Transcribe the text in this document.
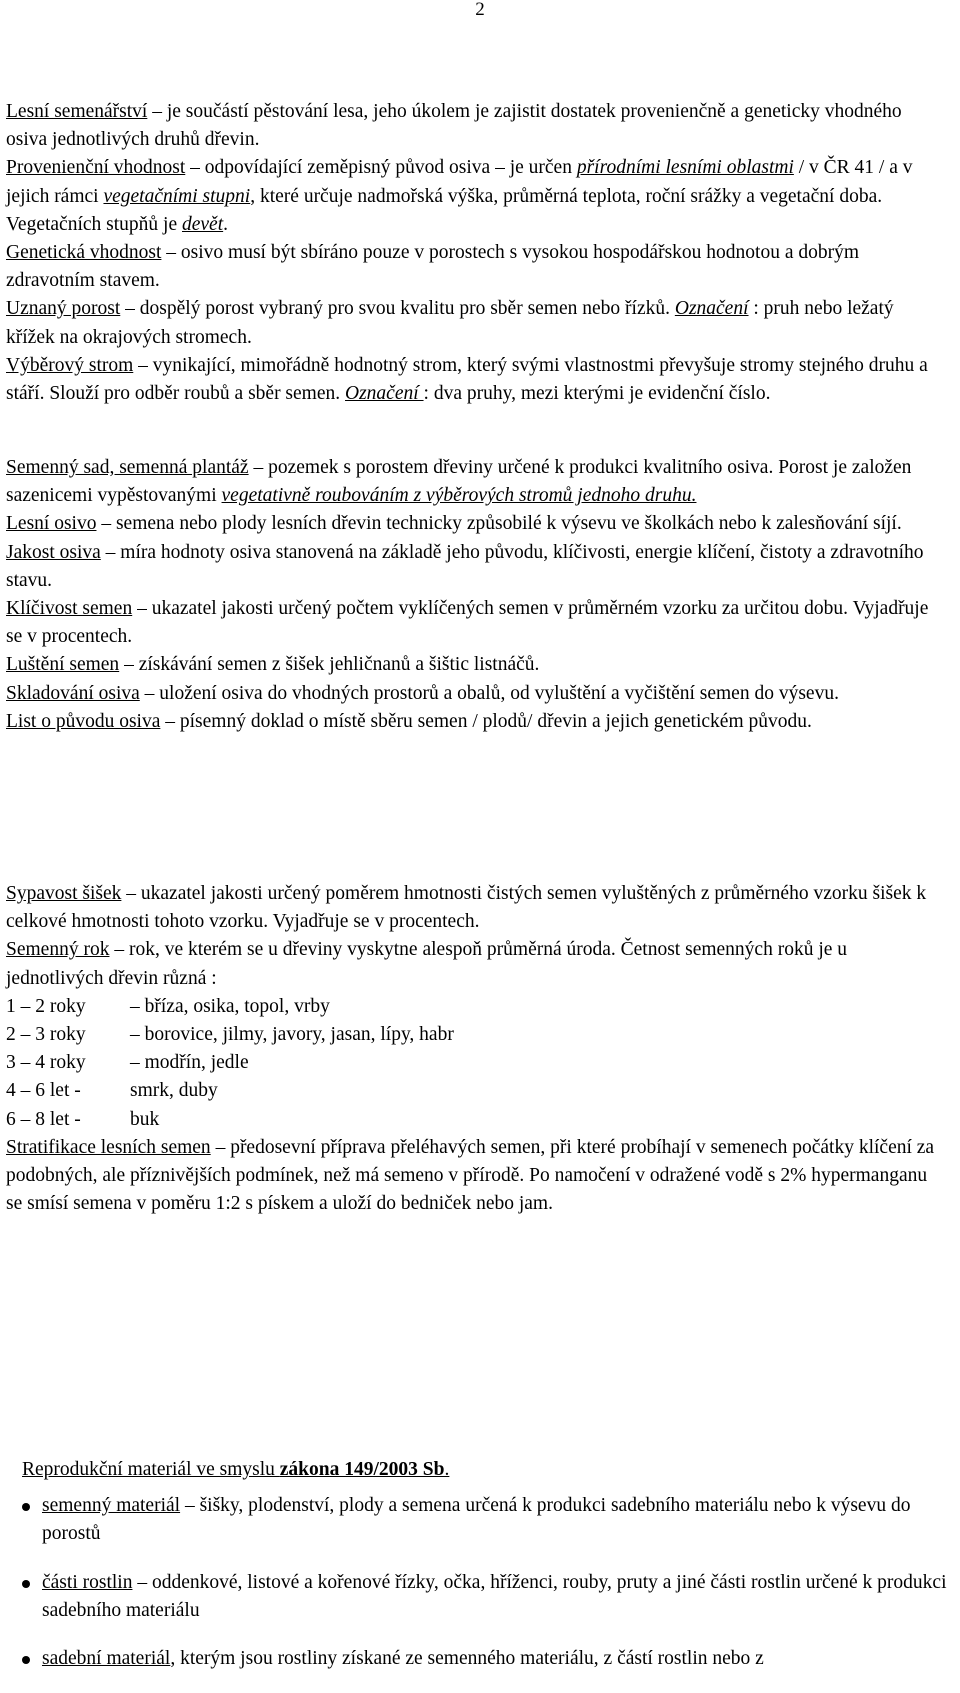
2

Lesní semenářství – je součástí pěstování lesa, jeho úkolem je zajistit dostatek provenienčně a geneticky vhodného osiva jednotlivých druhů dřevin.

Provenienční vhodnost – odpovídající zeměpisný původ osiva – je určen přírodními lesními oblastmi / v ČR 41 / a v jejich rámci vegetačními stupni, které určuje nadmořská výška, průměrná teplota, roční srážky a vegetační doba. Vegetačních stupňů je devět.

Genetická vhodnost – osivo musí být sbíráno pouze v porostech s vysokou hospodářskou hodnotou a dobrým zdravotním stavem.

Uznaný porost – dospělý porost vybraný pro svou kvalitu pro sběr semen nebo řízků. Označení : pruh nebo ležatý křížek na okrajových stromech.

Výběrový strom – vynikající, mimořádně hodnotný strom, který svými vlastnostmi převyšuje stromy stejného druhu a stáří. Slouží pro odběr roubů a sběr semen. Označení : dva pruhy, mezi kterými je evidenční číslo.

Semenný sad, semenná plantáž – pozemek s porostem dřeviny určené k produkci kvalitního osiva. Porost je založen sazenicemi vypěstovanými vegetativně roubováním z výběrových stromů jednoho druhu.

Lesní osivo – semena nebo plody lesních dřevin technicky způsobilé k výsevu ve školkách nebo k zalesňování síjí.

Jakost osiva – míra hodnoty osiva stanovená na základě jeho původu, klíčivosti, energie klíčení, čistoty a zdravotního stavu.

Klíčivost semen – ukazatel jakosti určený počtem vyklíčených semen v průměrném vzorku za určitou dobu. Vyjadřuje se v procentech.

Luštění semen – získávání semen z šišek jehličnanů a šištic listnáčů.

Skladování osiva – uložení osiva do vhodných prostorů a obalů, od vyluštění a vyčištění semen do výsevu.

List o původu osiva – písemný doklad o místě sběru semen / plodů/ dřevin a jejich genetickém původu.

Sypavost šišek – ukazatel jakosti určený poměrem hmotnosti čistých semen vyluštěných z průměrného vzorku šišek k celkové hmotnosti tohoto vzorku. Vyjadřuje se v procentech.

Semenný rok – rok, ve kterém se u dřeviny vyskytne alespoň průměrná úroda. Četnost semenných roků je u jednotlivých dřevin různá :

1 – 2 roky	– bříza, osika, topol, vrby
2 – 3 roky	– borovice, jilmy, javory, jasan, lípy, habr
3 – 4 roky	– modřín, jedle
4 – 6 let -	smrk, duby
6 – 8 let -	buk

Stratifikace lesních semen – předosevní příprava přeléhavých semen, při které probíhají v semenech počátky klíčení za podobných, ale příznivějších podmínek, než má semeno v přírodě. Po namočení v odražené vodě s 2% hypermanganu se smísí semena v poměru 1:2 s pískem a uloží do bedniček nebo jam.

Reprodukční materiál ve smyslu zákona 149/2003 Sb.

semenný materiál – šišky, plodenství, plody a semena určená k produkci sadebního materiálu nebo k výsevu do porostů
části rostlin – oddenkové, listové a kořenové řízky, očka, hříženci, rouby, pruty a jiné části rostlin určené k produkci sadebního materiálu
sadební materiál, kterým jsou rostliny získané ze semenného materiálu, z částí rostlin nebo z
